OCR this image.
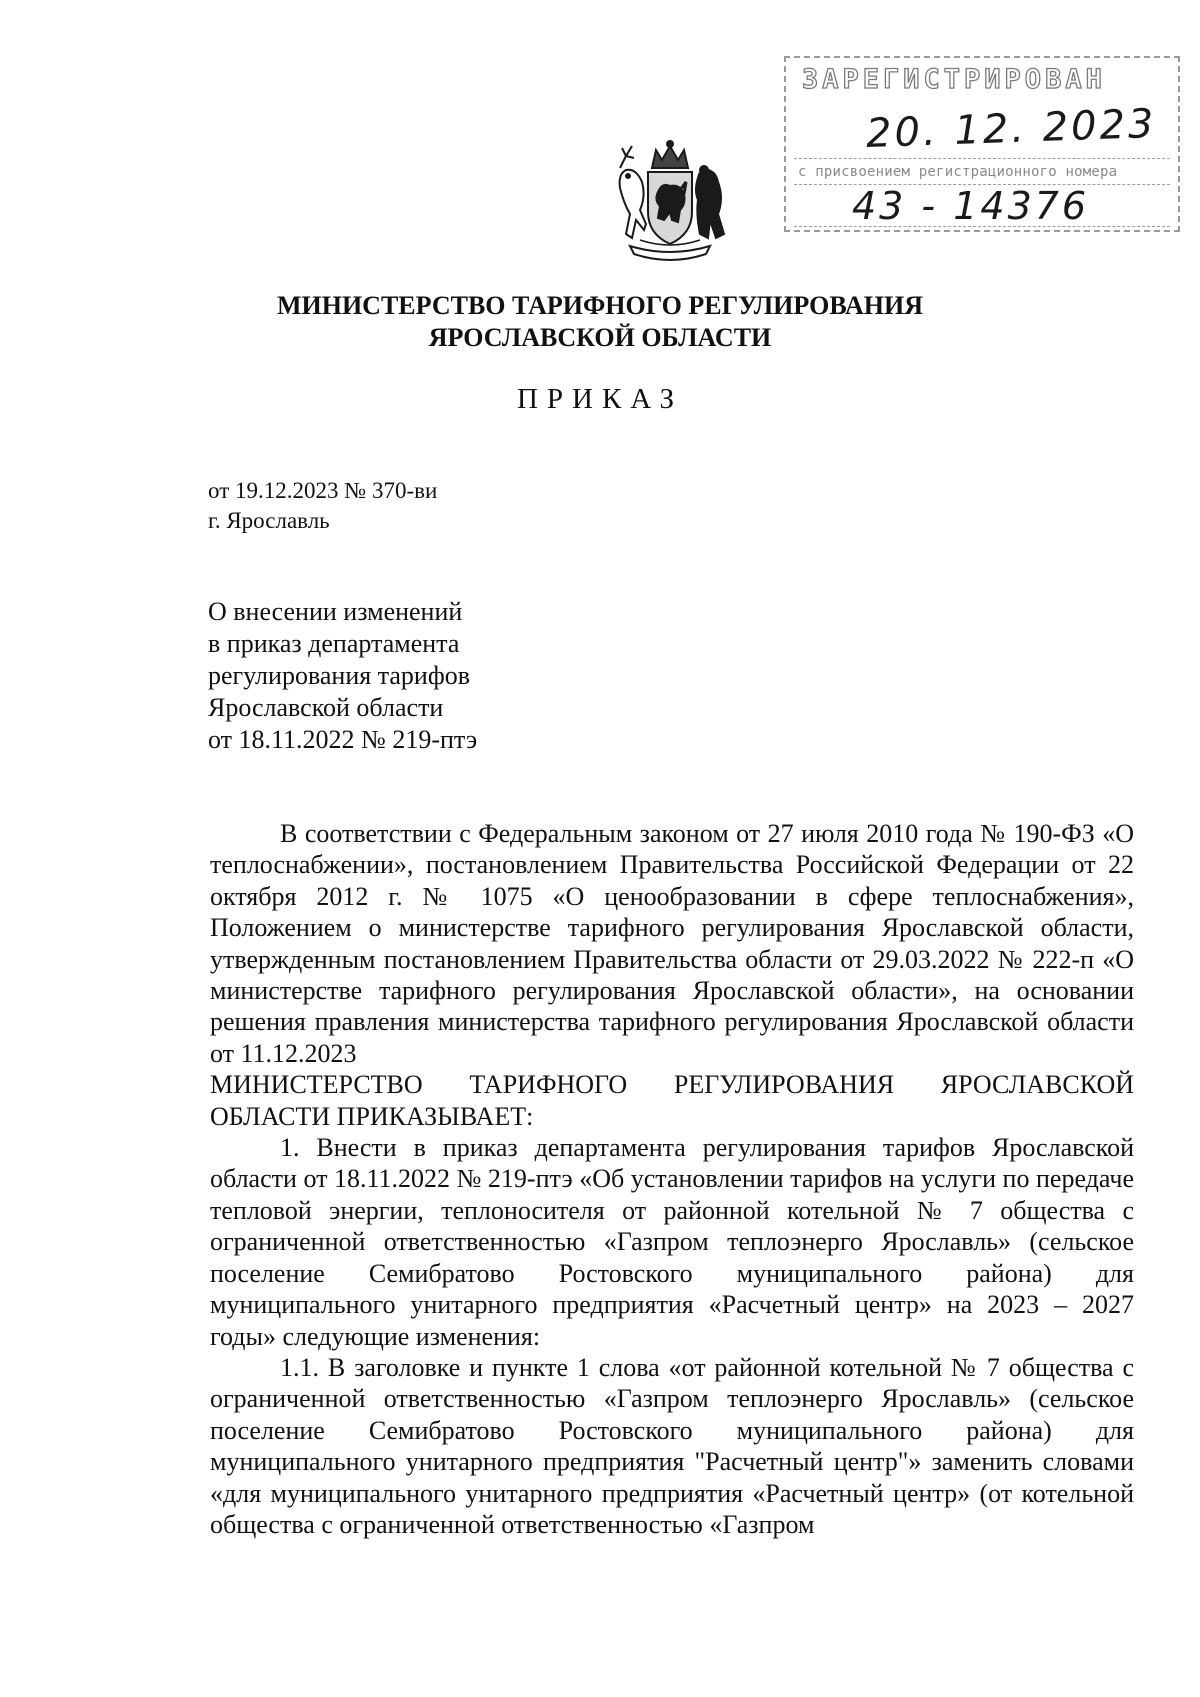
ЗАРЕГИСТРИРОВАН
20. 12. 2023
с присвоением регистрационного номера
43 - 14376
МИНИСТЕРСТВО ТАРИФНОГО РЕГУЛИРОВАНИЯ
ЯРОСЛАВСКОЙ ОБЛАСТИ
ПРИКАЗ
от 19.12.2023 № 370-ви
г. Ярославль
О внесении изменений
в приказ департамента
регулирования тарифов
Ярославской области
от 18.11.2022 № 219-птэ

В соответствии с Федеральным законом от 27 июля 2010 года № 190-ФЗ «О теплоснабжении», постановлением Правительства Российской Федерации от 22 октября 2012 г. № 1075 «О ценообразовании в сфере теплоснабжения», Положением о министерстве тарифного регулирования Ярославской области, утвержденным постановлением Правительства области от 29.03.2022 № 222-п «О министерстве тарифного регулирования Ярославской области», на основании решения правления министерства тарифного регулирования Ярославской области от 11.12.2023

МИНИСТЕРСТВО ТАРИФНОГО РЕГУЛИРОВАНИЯ ЯРОСЛАВСКОЙ ОБЛАСТИ ПРИКАЗЫВАЕТ:

1. Внести в приказ департамента регулирования тарифов Ярославской области от 18.11.2022 № 219-птэ «Об установлении тарифов на услуги по передаче тепловой энергии, теплоносителя от районной котельной № 7 общества с ограниченной ответственностью «Газпром теплоэнерго Ярославль» (сельское поселение Семибратово Ростовского муниципального района) для муниципального унитарного предприятия «Расчетный центр» на 2023 – 2027 годы» следующие изменения:

1.1. В заголовке и пункте 1 слова «от районной котельной № 7 общества с ограниченной ответственностью «Газпром теплоэнерго Ярославль» (сельское поселение Семибратово Ростовского муниципального района) для муниципального унитарного предприятия "Расчетный центр"» заменить словами «для муниципального унитарного предприятия «Расчетный центр» (от котельной общества с ограниченной ответственностью «Газпром
